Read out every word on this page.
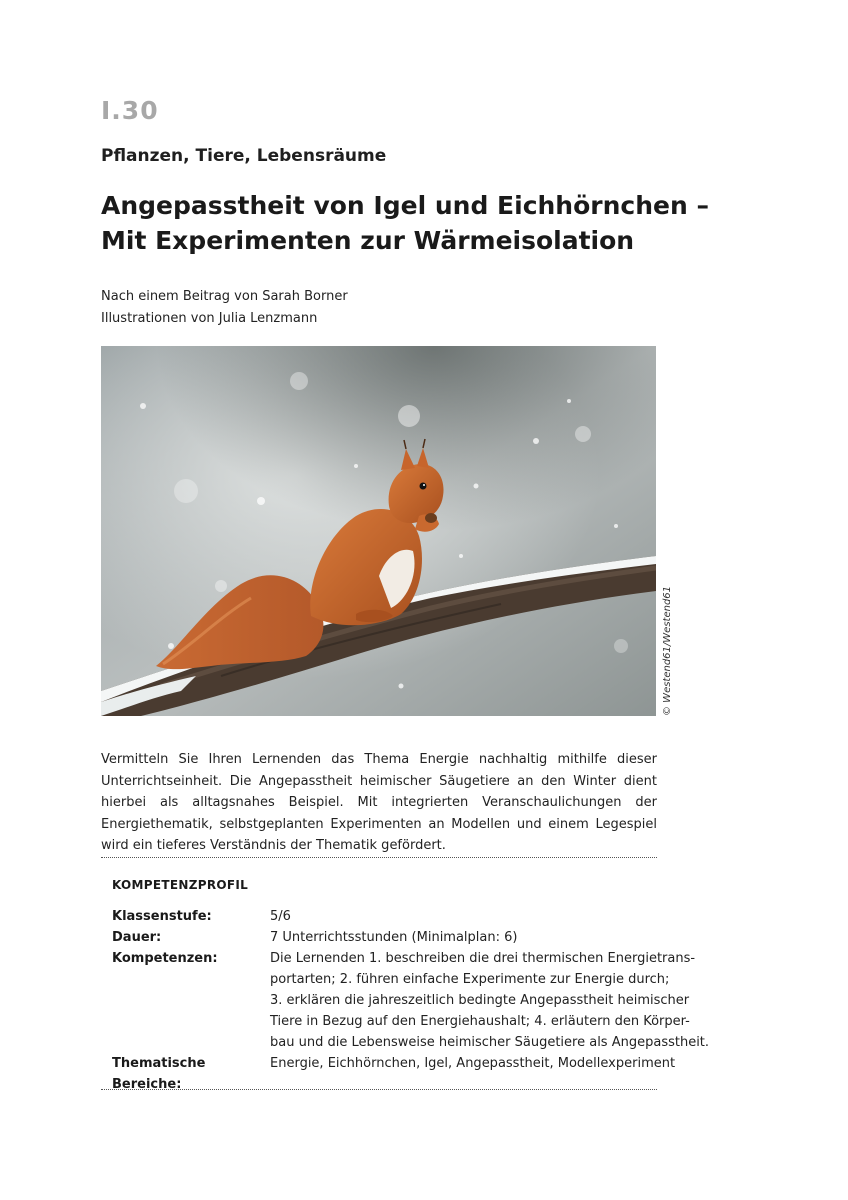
I.30
Pflanzen, Tiere, Lebensräume
Angepasstheit von Igel und Eichhörnchen –
Mit Experimenten zur Wärmeisolation
Nach einem Beitrag von Sarah Borner
Illustrationen von Julia Lenzmann
© Westend61/Westend61

Vermitteln Sie Ihren Lernenden das Thema Energie nachhaltig mithilfe dieser Unterrichtseinheit. Die Angepasstheit heimischer Säugetiere an den Winter dient hierbei als alltagsnahes Beispiel. Mit integrierten Veranschaulichungen der Energiethematik, selbstgeplanten Experimenten an Modellen und einem Legespiel wird ein tieferes Verständnis der Thematik gefördert.

KOMPETENZPROFIL
Klassenstufe:	5/6
Dauer:	7 Unterrichtsstunden (Minimalplan: 6)
Kompetenzen:	Die Lernenden 1. beschreiben die drei thermischen Energietrans-
portarten; 2. führen einfache Experimente zur Energie durch;
3. erklären die jahreszeitlich bedingte Angepasstheit heimischer
Tiere in Bezug auf den Energiehaushalt; 4. erläutern den Körper-
bau und die Lebensweise heimischer Säugetiere als Angepasstheit.
Thematische Bereiche:
Energie, Eichhörnchen, Igel, Angepasstheit, Modellexperiment
